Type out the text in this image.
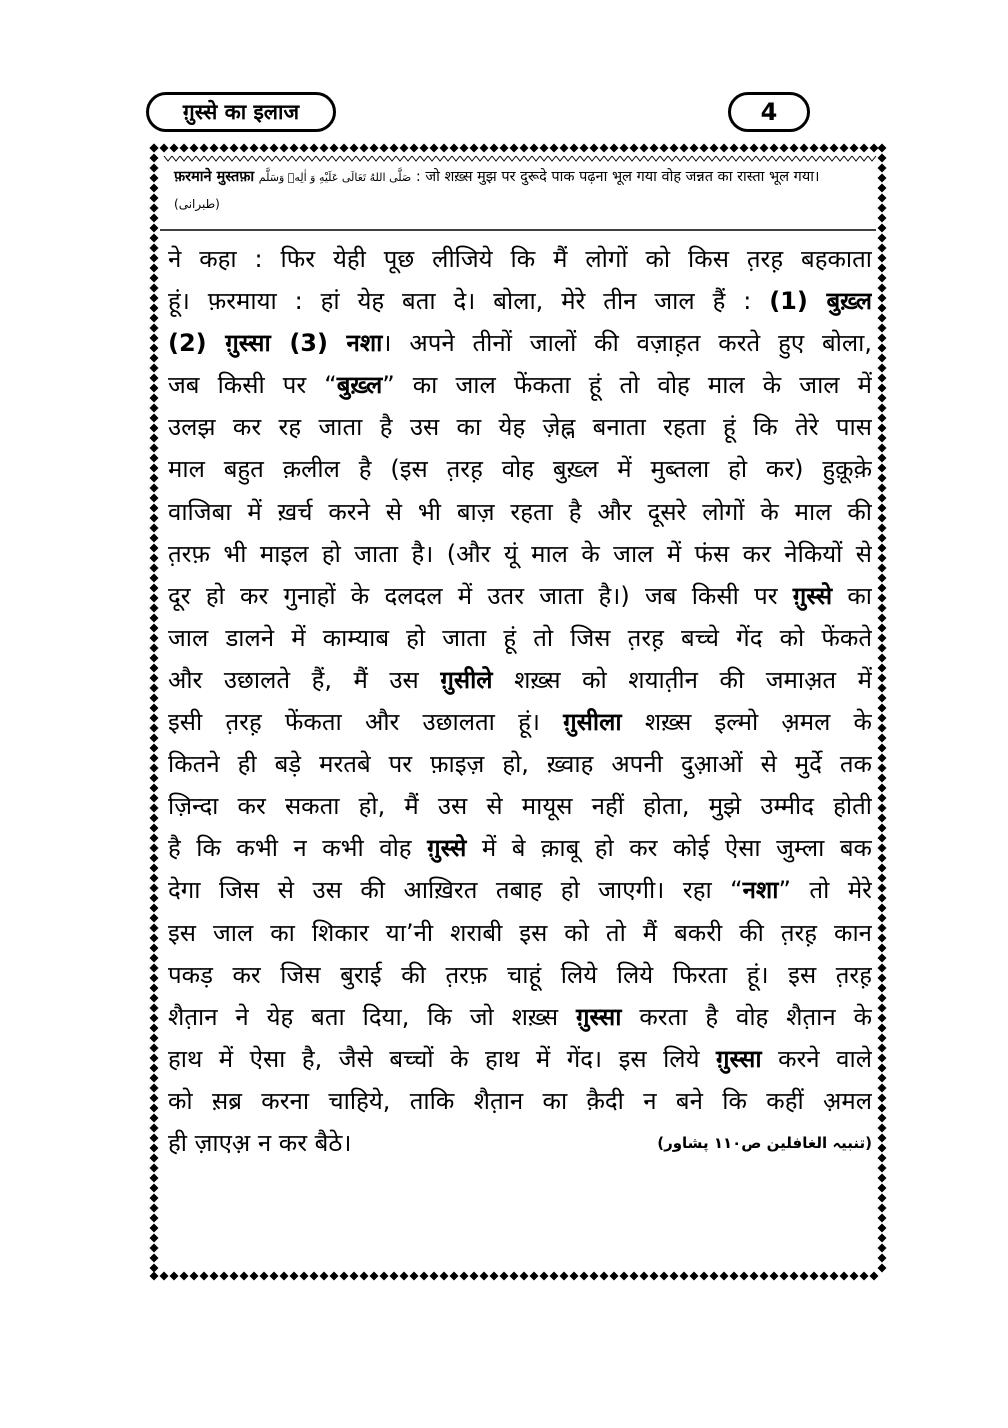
ग़ुस्से का इलाज	4
फ़रमाने मुस्तफ़ा صَلَّى اللهُ تَعَالَى عَلَيْهِ وَ اٰلِهٖ وَسَلَّم : जो शख़्स मुझ पर दुरूदे पाक पढ़ना भूल गया वोह जन्नत का रास्ता भूल गया। (طبرانی)
ने कहा : फिर येही पूछ लीजिये कि मैं लोगों को किस त़रह़ बहकाता
हूं। फ़रमाया : हां येह बता दे। बोला, मेरे तीन जाल हैं : (1) बुख़्ल
(2) ग़ुस्सा (3) नशा। अपने तीनों जालों की वज़ाह़त करते हुए बोला,
जब किसी पर “बुख़्ल” का जाल फेंकता हूं तो वोह माल के जाल में
उलझ कर रह जाता है उस का येह ज़ेह्न बनाता रहता हूं कि तेरे पास
माल बहुत क़लील है (इस त़रह़ वोह बुख़्ल में मुब्तला हो कर) हुक़ूके़
वाजिबा में ख़र्च करने से भी बाज़ रहता है और दूसरे लोगों के माल की
त़रफ़ भी माइल हो जाता है। (और यूं माल के जाल में फंस कर नेकियों से
दूर हो कर गुनाहों के दलदल में उतर जाता है।) जब किसी पर ग़ुस्से का
जाल डालने में काम्याब हो जाता हूं तो जिस त़रह़ बच्चे गेंद को फेंकते
और उछालते हैं, मैं उस ग़ुसीले शख़्स को शयात़ीन की जमाअ़त में
इसी त़रह़ फेंकता और उछालता हूं। ग़ुसीला शख़्स इल्मो अ़मल के
कितने ही बड़े मरतबे पर फ़ाइज़ हो, ख़्वाह अपनी दुआ़ओं से मुर्दे तक
ज़िन्दा कर सकता हो, मैं उस से मायूस नहीं होता, मुझे उम्मीद होती
है कि कभी न कभी वोह ग़ुस्से में बे क़ाबू हो कर कोई ऐसा जुम्ला बक
देगा जिस से उस की आख़िरत तबाह हो जाएगी। रहा “नशा” तो मेरे
इस जाल का शिकार या’नी शराबी इस को तो मैं बकरी की त़रह़ कान
पकड़ कर जिस बुराई की त़रफ़ चाहूं लिये लिये फिरता हूं। इस त़रह़
शैत़ान ने येह बता दिया, कि जो शख़्स ग़ुस्सा करता है वोह शैत़ान के
हाथ में ऐसा है, जैसे बच्चों के हाथ में गेंद। इस लिये ग़ुस्सा करने वाले
को स़ब्र करना चाहिये, ताकि शैत़ान का क़ैदी न बने कि कहीं अ़मल
ही ज़ाएअ़ न कर बैठे।	(تنبیہ الغافلین ص۱۱۰ پشاور)
